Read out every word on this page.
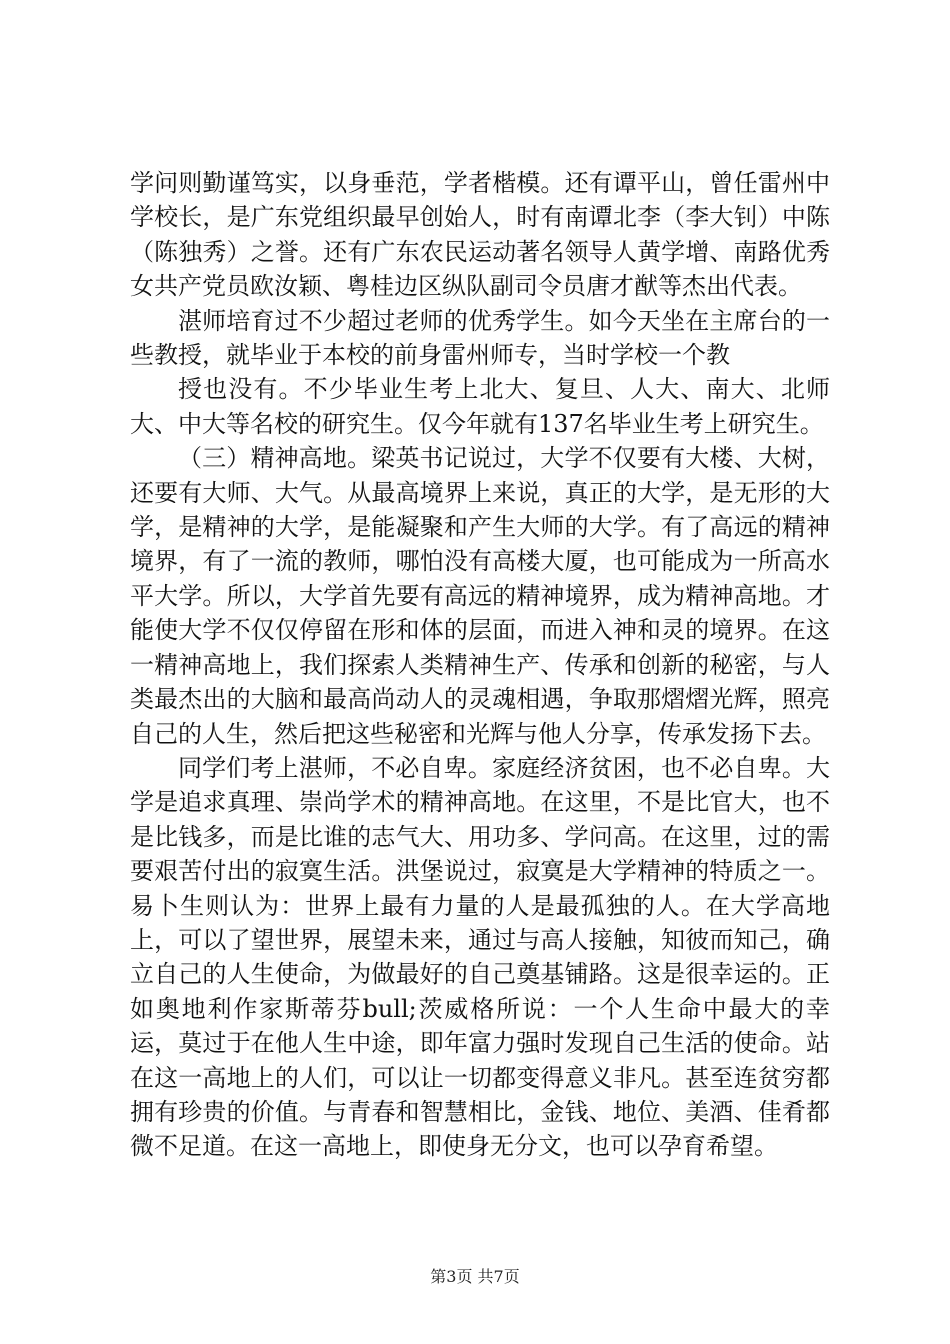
学问则勤谨笃实，以身垂范，学者楷模。还有谭平山，曾任雷州中学校长，是广东党组织最早创始人，时有南谭北李（李大钊）中陈（陈独秀）之誉。还有广东农民运动著名领导人黄学增、南路优秀女共产党员欧汝颖、粤桂边区纵队副司令员唐才猷等杰出代表。

湛师培育过不少超过老师的优秀学生。如今天坐在主席台的一些教授，就毕业于本校的前身雷州师专，当时学校一个教

授也没有。不少毕业生考上北大、复旦、人大、南大、北师大、中大等名校的研究生。仅今年就有137名毕业生考上研究生。

（三）精神高地。梁英书记说过，大学不仅要有大楼、大树，还要有大师、大气。从最高境界上来说，真正的大学，是无形的大学，是精神的大学，是能凝聚和产生大师的大学。有了高远的精神境界，有了一流的教师，哪怕没有高楼大厦，也可能成为一所高水平大学。所以，大学首先要有高远的精神境界，成为精神高地。才能使大学不仅仅停留在形和体的层面，而进入神和灵的境界。在这一精神高地上，我们探索人类精神生产、传承和创新的秘密，与人类最杰出的大脑和最高尚动人的灵魂相遇，争取那熠熠光辉，照亮自己的人生，然后把这些秘密和光辉与他人分享，传承发扬下去。

同学们考上湛师，不必自卑。家庭经济贫困，也不必自卑。大学是追求真理、崇尚学术的精神高地。在这里，不是比官大，也不是比钱多，而是比谁的志气大、用功多、学问高。在这里，过的需要艰苦付出的寂寞生活。洪堡说过，寂寞是大学精神的特质之一。易卜生则认为：世界上最有力量的人是最孤独的人。在大学高地上，可以了望世界，展望未来，通过与高人接触，知彼而知己，确立自己的人生使命，为做最好的自己奠基铺路。这是很幸运的。正如奥地利作家斯蒂芬bull;茨威格所说：一个人生命中最大的幸运，莫过于在他人生中途，即年富力强时发现自己生活的使命。站在这一高地上的人们，可以让一切都变得意义非凡。甚至连贫穷都拥有珍贵的价值。与青春和智慧相比，金钱、地位、美酒、佳肴都微不足道。在这一高地上，即使身无分文，也可以孕育希望。

第3页 共7页
